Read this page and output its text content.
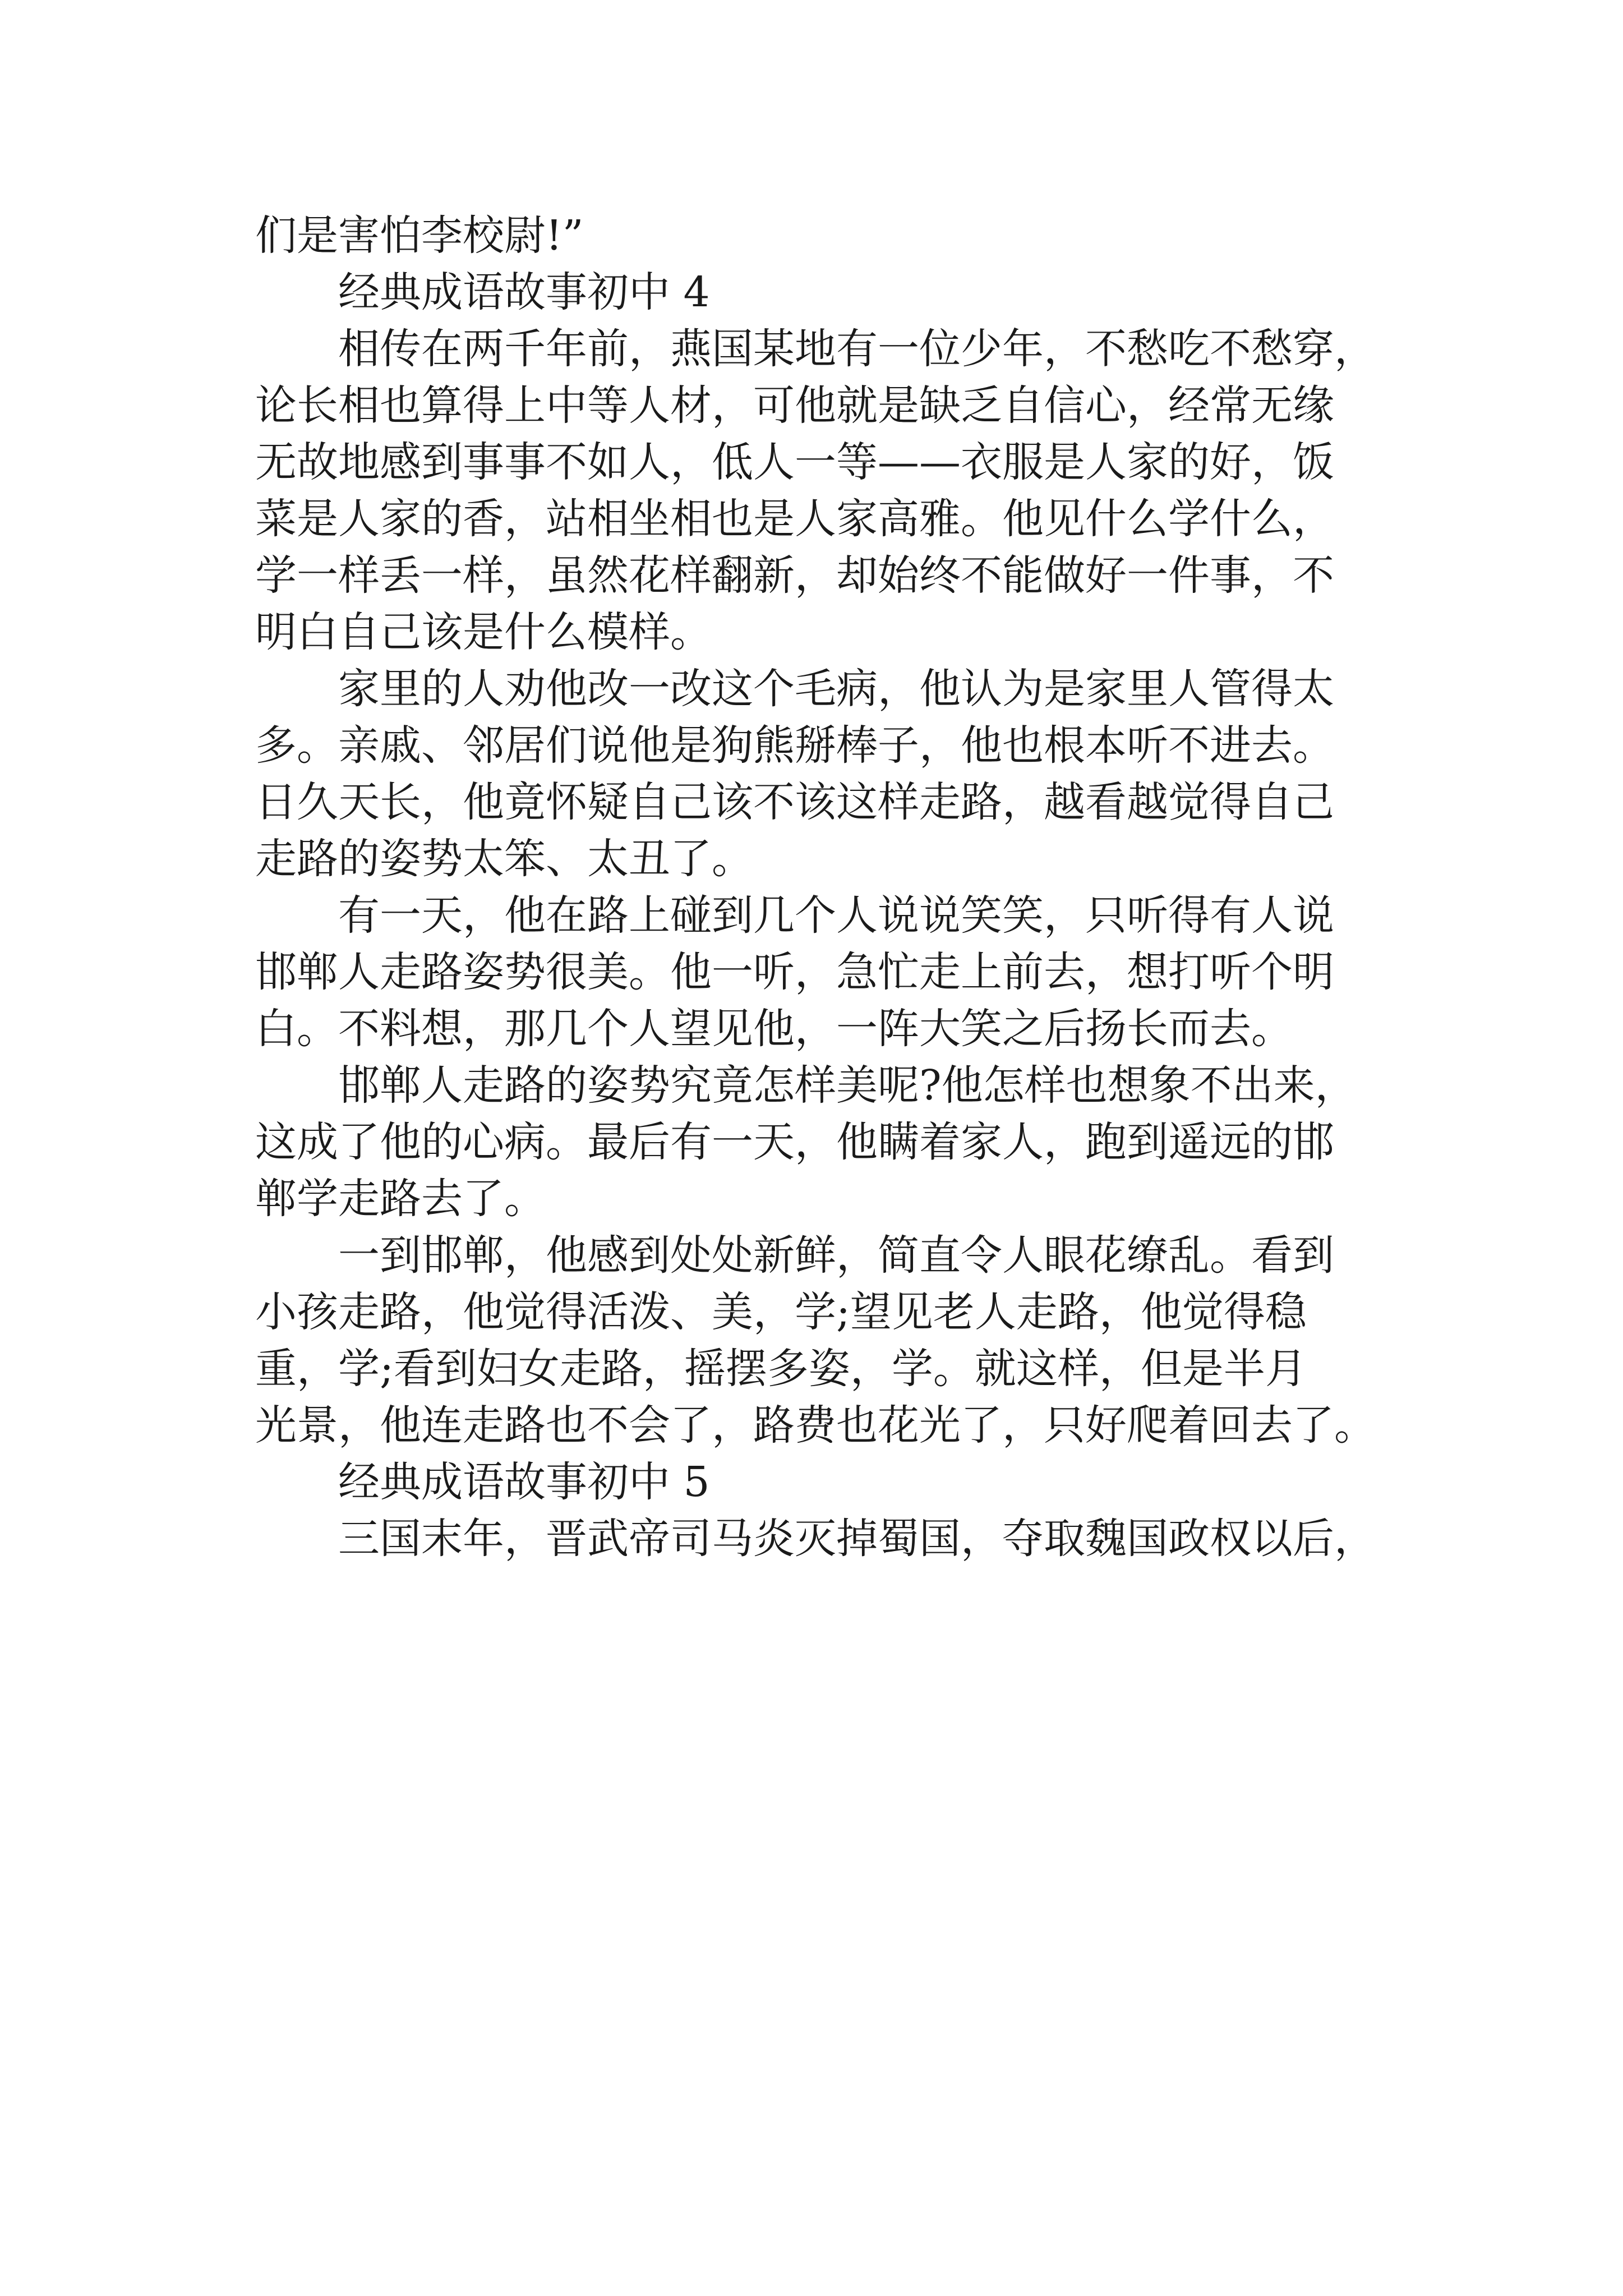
们是害怕李校尉!”
经典成语故事初中 4
相传在两千年前，燕国某地有一位少年，不愁吃不愁穿，
论长相也算得上中等人材，可他就是缺乏自信心，经常无缘
无故地感到事事不如人，低人一等——衣服是人家的好，饭
菜是人家的香，站相坐相也是人家高雅。他见什么学什么，
学一样丢一样，虽然花样翻新，却始终不能做好一件事，不
明白自己该是什么模样。
家里的人劝他改一改这个毛病，他认为是家里人管得太
多。亲戚、邻居们说他是狗熊掰棒子，他也根本听不进去。
日久天长，他竟怀疑自己该不该这样走路，越看越觉得自己
走路的姿势太笨、太丑了。
有一天，他在路上碰到几个人说说笑笑，只听得有人说
邯郸人走路姿势很美。他一听，急忙走上前去，想打听个明
白。不料想，那几个人望见他，一阵大笑之后扬长而去。
邯郸人走路的姿势究竟怎样美呢?他怎样也想象不出来，
这成了他的心病。最后有一天，他瞒着家人，跑到遥远的邯
郸学走路去了。
一到邯郸，他感到处处新鲜，简直令人眼花缭乱。看到
小孩走路，他觉得活泼、美，学;望见老人走路，他觉得稳
重，学;看到妇女走路，摇摆多姿，学。就这样，但是半月
光景，他连走路也不会了，路费也花光了，只好爬着回去了。
经典成语故事初中 5
三国末年，晋武帝司马炎灭掉蜀国，夺取魏国政权以后，
